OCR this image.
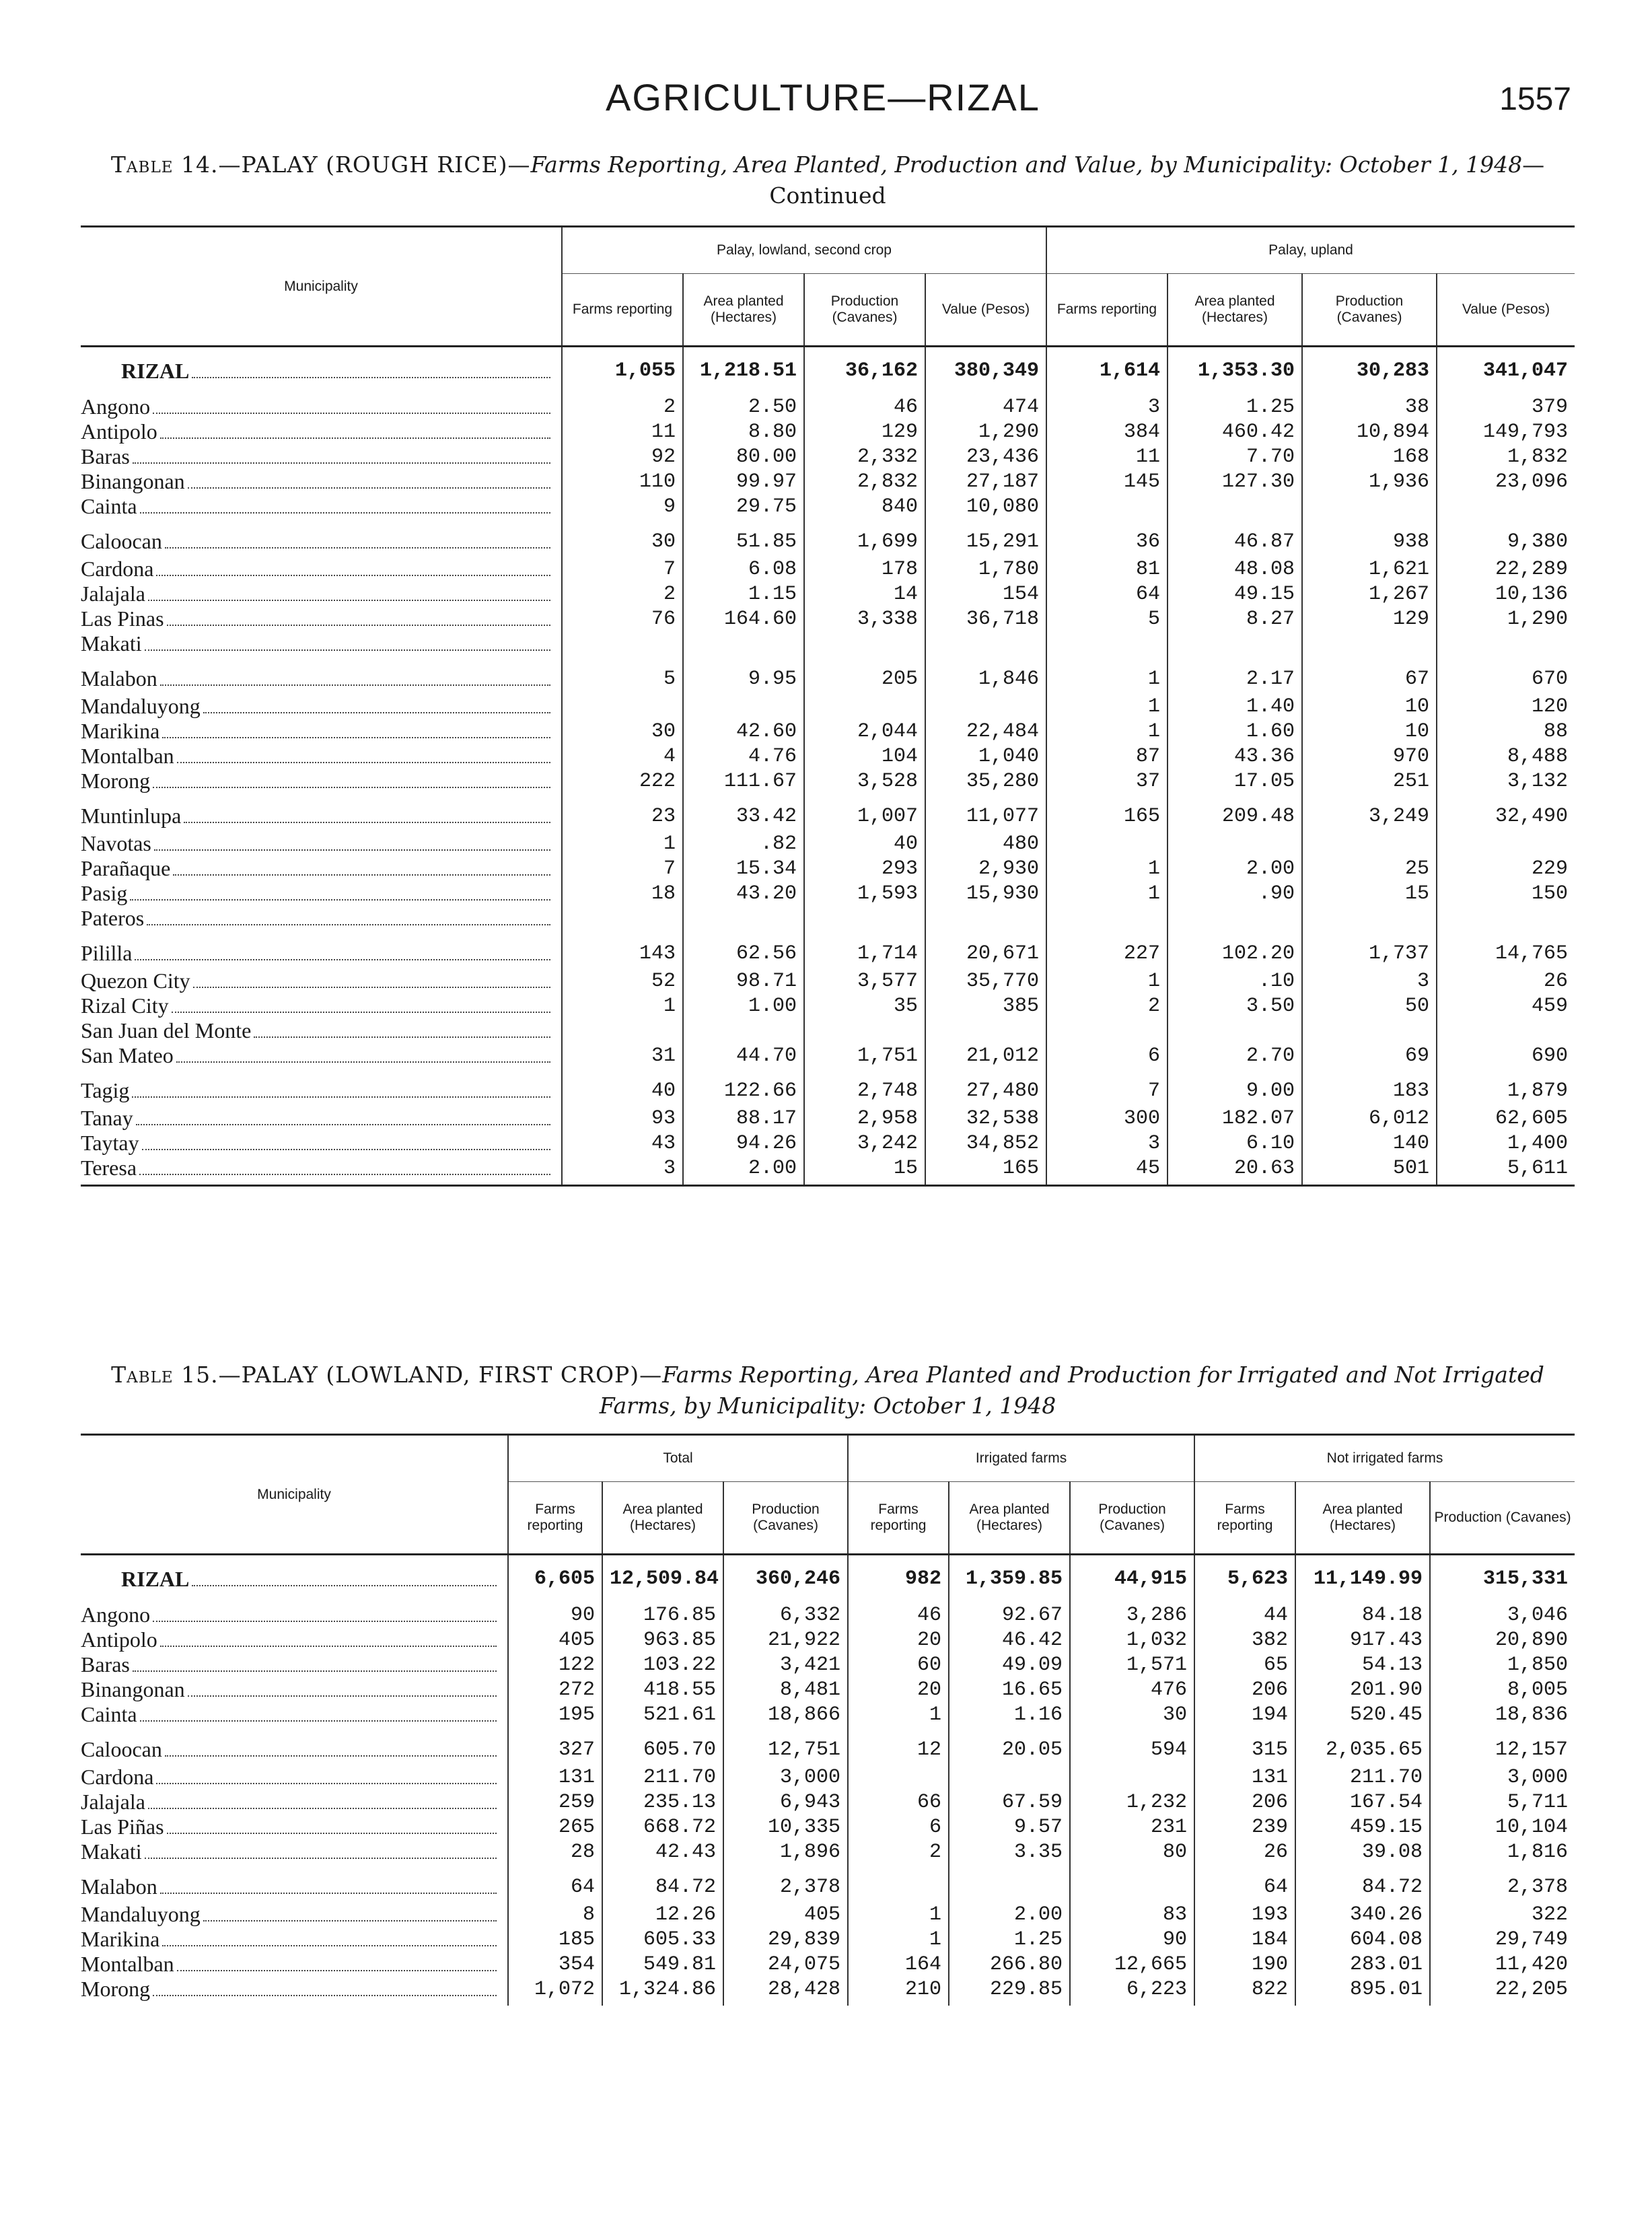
AGRICULTURE—RIZAL	1557
Table 14.—PALAY (ROUGH RICE)—Farms Reporting, Area Planted, Production and Value, by Municipality: October 1, 1948—Continued
Municipality	Palay, lowland, second crop				Palay, upland			
	Farms reporting	Area planted (Hectares)	Production (Cavanes)	Value (Pesos)	Farms reporting	Area planted (Hectares)	Production (Cavanes)	Value (Pesos)

RIZAL	1,055	1,218.51	36,162	380,349	1,614	1,353.30	30,283	341,047

Angono	2	2.50	46	474	3	1.25	38	379

Antipolo	11	8.80	129	1,290	384	460.42	10,894	149,793

Baras	92	80.00	2,332	23,436	11	7.70	168	1,832

Binangonan	110	99.97	2,832	27,187	145	127.30	1,936	23,096

Cainta	9	29.75	840	10,080				

Caloocan	30	51.85	1,699	15,291	36	46.87	938	9,380

Cardona	7	6.08	178	1,780	81	48.08	1,621	22,289

Jalajala	2	1.15	14	154	64	49.15	1,267	10,136

Las Pinas	76	164.60	3,338	36,718	5	8.27	129	1,290

Makati								

Malabon	5	9.95	205	1,846	1	2.17	67	670

Mandaluyong					1	1.40	10	120

Marikina	30	42.60	2,044	22,484	1	1.60	10	88

Montalban	4	4.76	104	1,040	87	43.36	970	8,488

Morong	222	111.67	3,528	35,280	37	17.05	251	3,132

Muntinlupa	23	33.42	1,007	11,077	165	209.48	3,249	32,490

Navotas	1	.82	40	480				

Parañaque	7	15.34	293	2,930	1	2.00	25	229

Pasig	18	43.20	1,593	15,930	1	.90	15	150

Pateros								

Pililla	143	62.56	1,714	20,671	227	102.20	1,737	14,765

Quezon City	52	98.71	3,577	35,770	1	.10	3	26

Rizal City	1	1.00	35	385	2	3.50	50	459

San Juan del Monte								

San Mateo	31	44.70	1,751	21,012	6	2.70	69	690

Tagig	40	122.66	2,748	27,480	7	9.00	183	1,879

Tanay	93	88.17	2,958	32,538	300	182.07	6,012	62,605

Taytay	43	94.26	3,242	34,852	3	6.10	140	1,400

Teresa	3	2.00	15	165	45	20.63	501	5,611
Table 15.—PALAY (LOWLAND, FIRST CROP)—Farms Reporting, Area Planted and Production for Irrigated and Not Irrigated Farms, by Municipality: October 1, 1948
Municipality	Total			Irrigated farms			Not irrigated farms		
	Farms reporting	Area planted (Hectares)	Production (Cavanes)	Farms reporting	Area planted (Hectares)	Production (Cavanes)	Farms reporting	Area planted (Hectares)	Production (Cavanes)

RIZAL	6,605	12,509.84	360,246	982	1,359.85	44,915	5,623	11,149.99	315,331

Angono	90	176.85	6,332	46	92.67	3,286	44	84.18	3,046

Antipolo	405	963.85	21,922	20	46.42	1,032	382	917.43	20,890

Baras	122	103.22	3,421	60	49.09	1,571	65	54.13	1,850

Binangonan	272	418.55	8,481	20	16.65	476	206	201.90	8,005

Cainta	195	521.61	18,866	1	1.16	30	194	520.45	18,836

Caloocan	327	605.70	12,751	12	20.05	594	315	2,035.65	12,157

Cardona	131	211.70	3,000				131	211.70	3,000

Jalajala	259	235.13	6,943	66	67.59	1,232	206	167.54	5,711

Las Piñas	265	668.72	10,335	6	9.57	231	239	459.15	10,104

Makati	28	42.43	1,896	2	3.35	80	26	39.08	1,816

Malabon	64	84.72	2,378				64	84.72	2,378

Mandaluyong	8	12.26	405	1	2.00	83	193	340.26	322

Marikina	185	605.33	29,839	1	1.25	90	184	604.08	29,749

Montalban	354	549.81	24,075	164	266.80	12,665	190	283.01	11,420

Morong	1,072	1,324.86	28,428	210	229.85	6,223	822	895.01	22,205
